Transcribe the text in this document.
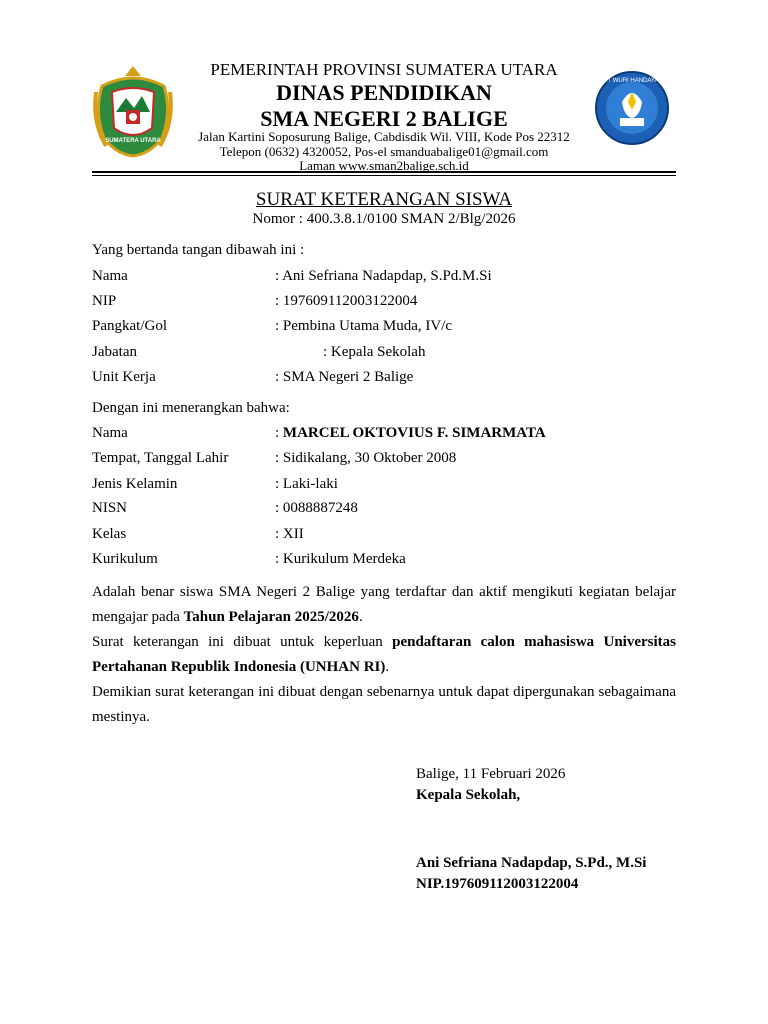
SUMATERA UTARA
TUT WURI HANDAYANI
PEMERINTAH PROVINSI SUMATERA UTARA
DINAS PENDIDIKAN
SMA NEGERI 2 BALIGE
Jalan Kartini Soposurung Balige, Cabdisdik Wil. VIII, Kode Pos 22312
Telepon (0632) 4320052, Pos-el smanduabalige01@gmail.com
Laman www.sman2balige.sch.id
SURAT KETERANGAN SISWA
Nomor : 400.3.8.1/0100 SMAN 2/Blg/2026
Yang bertanda tangan dibawah ini :
Nama	: Ani Sefriana Nadapdap, S.Pd.M.Si
NIP	: 197609112003122004
Pangkat/Gol	: Pembina Utama Muda, IV/c
Jabatan	: Kepala Sekolah
Unit Kerja	: SMA Negeri 2 Balige
Dengan ini menerangkan bahwa:
Nama	: MARCEL OKTOVIUS F. SIMARMATA
Tempat, Tanggal Lahir	: Sidikalang, 30 Oktober 2008
Jenis Kelamin	: Laki-laki
NISN	: 0088887248
Kelas	: XII
Kurikulum	: Kurikulum Merdeka
Adalah benar siswa SMA Negeri 2 Balige yang terdaftar dan aktif mengikuti kegiatan belajar mengajar pada Tahun Pelajaran 2025/2026.
Surat keterangan ini dibuat untuk keperluan pendaftaran calon mahasiswa Universitas Pertahanan Republik Indonesia (UNHAN RI).
Demikian surat keterangan ini dibuat dengan sebenarnya untuk dapat dipergunakan sebagaimana mestinya.
Balige, 11 Februari 2026
Kepala Sekolah,
Ani Sefriana Nadapdap, S.Pd., M.Si
NIP.197609112003122004
